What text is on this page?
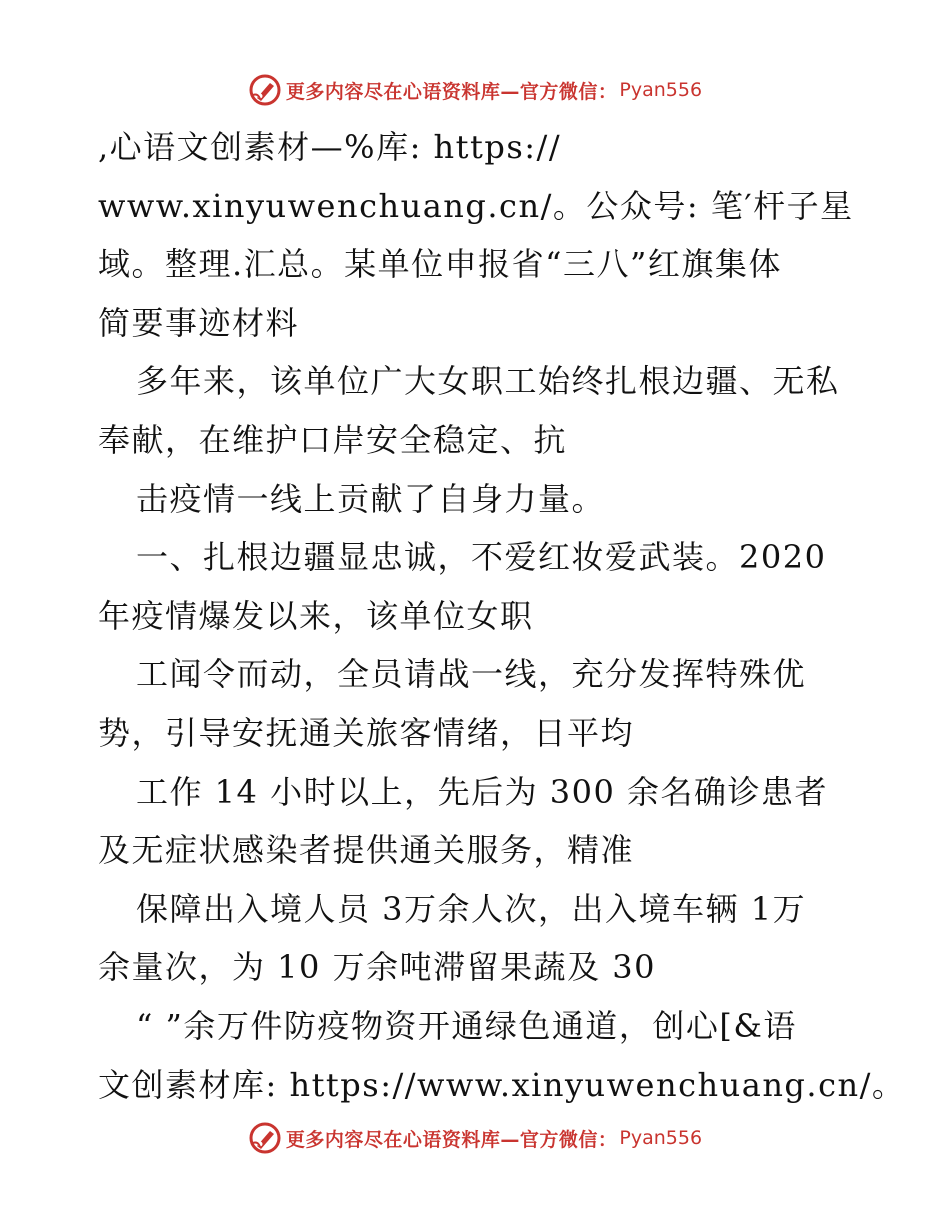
更多内容尽在心语资料库—官方微信： Pyan556
,心语文创素材—%库: https://
www.xinyuwenchuang.cn/。公众号: 笔′杆子星
域。整理.汇总。某单位申报省“三八”红旗集体
简要事迹材料
多年来，该单位广大女职工始终扎根边疆、无私
奉献，在维护口岸安全稳定、抗
击疫情一线上贡献了自身力量。
一、扎根边疆显忠诚，不爱红妆爱武装。2020
年疫情爆发以来，该单位女职
工闻令而动，全员请战一线，充分发挥特殊优
势，引导安抚通关旅客情绪，日平均
工作 14 小时以上，先后为 300 余名确诊患者
及无症状感染者提供通关服务，精准
保障出入境人员 3万余人次，出入境车辆 1万
余量次，为 10 万余吨滞留果蔬及 30
“ ”余万件防疫物资开通绿色通道，创心[&语
文创素材库: https://www.xinyuwenchuang.cn/。
更多内容尽在心语资料库—官方微信： Pyan556
